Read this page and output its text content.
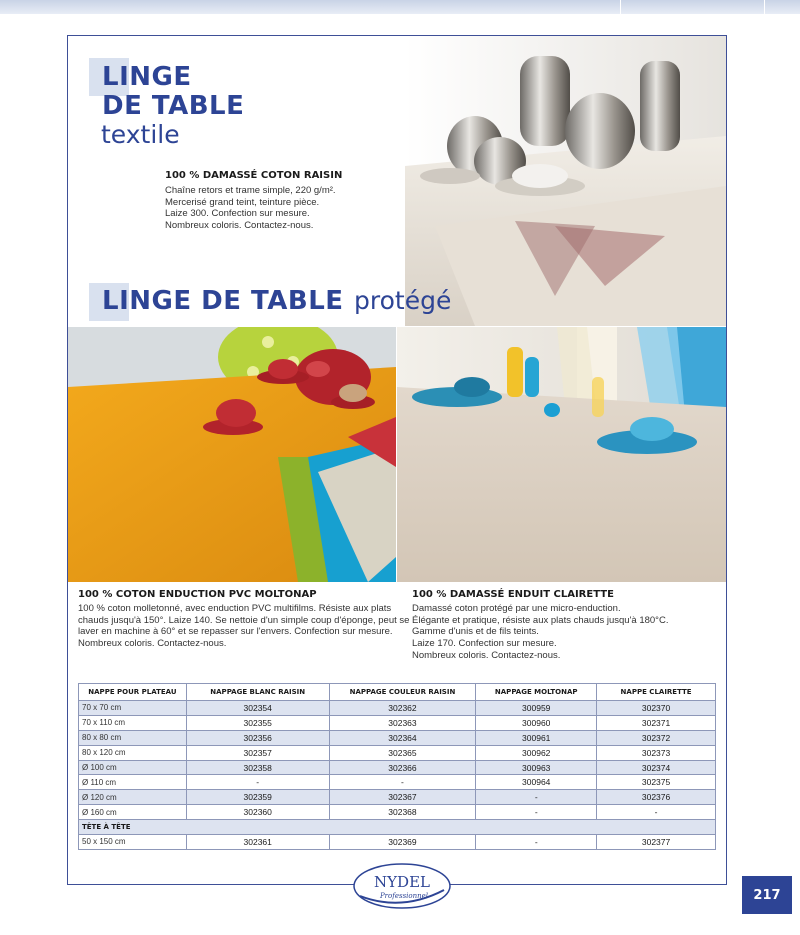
LINGE
DE TABLE
textile
100 % DAMASSÉ COTON RAISIN
Chaîne retors et trame simple, 220 g/m².
Mercerisé grand teint, teinture pièce.
Laize 300. Confection sur mesure.
Nombreux coloris. Contactez-nous.
LINGE DE TABLE protégé
100 % COTON ENDUCTION PVC MOLTONAP
100 % coton molletonné, avec enduction PVC multifilms. Résiste aux plats
chauds jusqu'à 150°. Laize 140. Se nettoie d'un simple coup d'éponge, peut se
laver en machine à 60° et se repasser sur l'envers. Confection sur mesure.
Nombreux coloris. Contactez-nous.
100 % DAMASSÉ ENDUIT CLAIRETTE
Damassé coton protégé par une micro-enduction.
Élégante et pratique, résiste aux plats chauds jusqu'à 180°C.
Gamme d'unis et de fils teints.
Laize 170. Confection sur mesure.
Nombreux coloris. Contactez-nous.
NAPPE POUR PLATEAU	NAPPAGE BLANC RAISIN	NAPPAGE COULEUR RAISIN	NAPPAGE MOLTONAP	NAPPE CLAIRETTE
70 x 70 cm	302354	302362	300959	302370
70 x 110 cm	302355	302363	300960	302371
80 x 80 cm	302356	302364	300961	302372
80 x 120 cm	302357	302365	300962	302373
Ø 100 cm	302358	302366	300963	302374
Ø 110 cm	-	-	300964	302375
Ø 120 cm	302359	302367	-	302376
Ø 160 cm	302360	302368	-	-
TÊTE À TÊTE				
50 x 150 cm	302361	302369	-	302377
NYDEL
Professionnel	217
